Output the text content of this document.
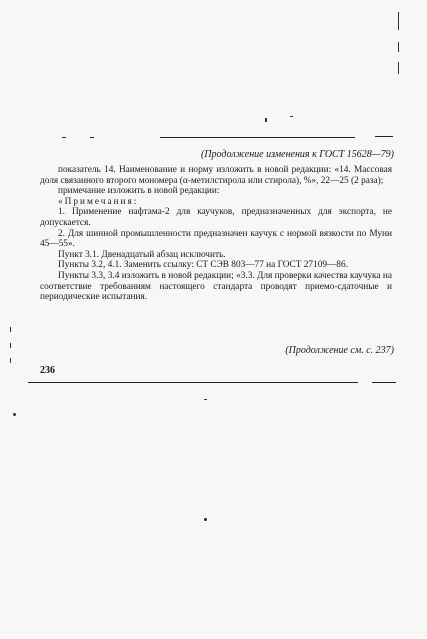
(Продолжение изменения к ГОСТ 15628—79)

показатель 14. Наименование и норму изложить в новой редакции: «14. Массовая доля связанного второго мономера (α-метилстирола или стирола), %», 22—25 (2 раза);

примечание изложить в новой редакции:

«Примечания:

1. Применение нафтама-2 для каучуков, предназначенных для экспорта, не допускается.

2. Для шинной промышленности предназначен каучук с нормой вязкости по Муни 45—55».

Пункт 3.1. Двенадцатый абзац исключить.

Пункты 3.2, 4.1. Заменить ссылку: СТ СЭВ 803—77 на ГОСТ 27109—86.

Пункты 3.3, 3.4 изложить в новой редакции; «3.3. Для проверки качества каучука на соответствие требованиям настоящего стандарта проводят приемо-сдаточные и периодические испытания.

(Продолжение см. с. 237)
236
